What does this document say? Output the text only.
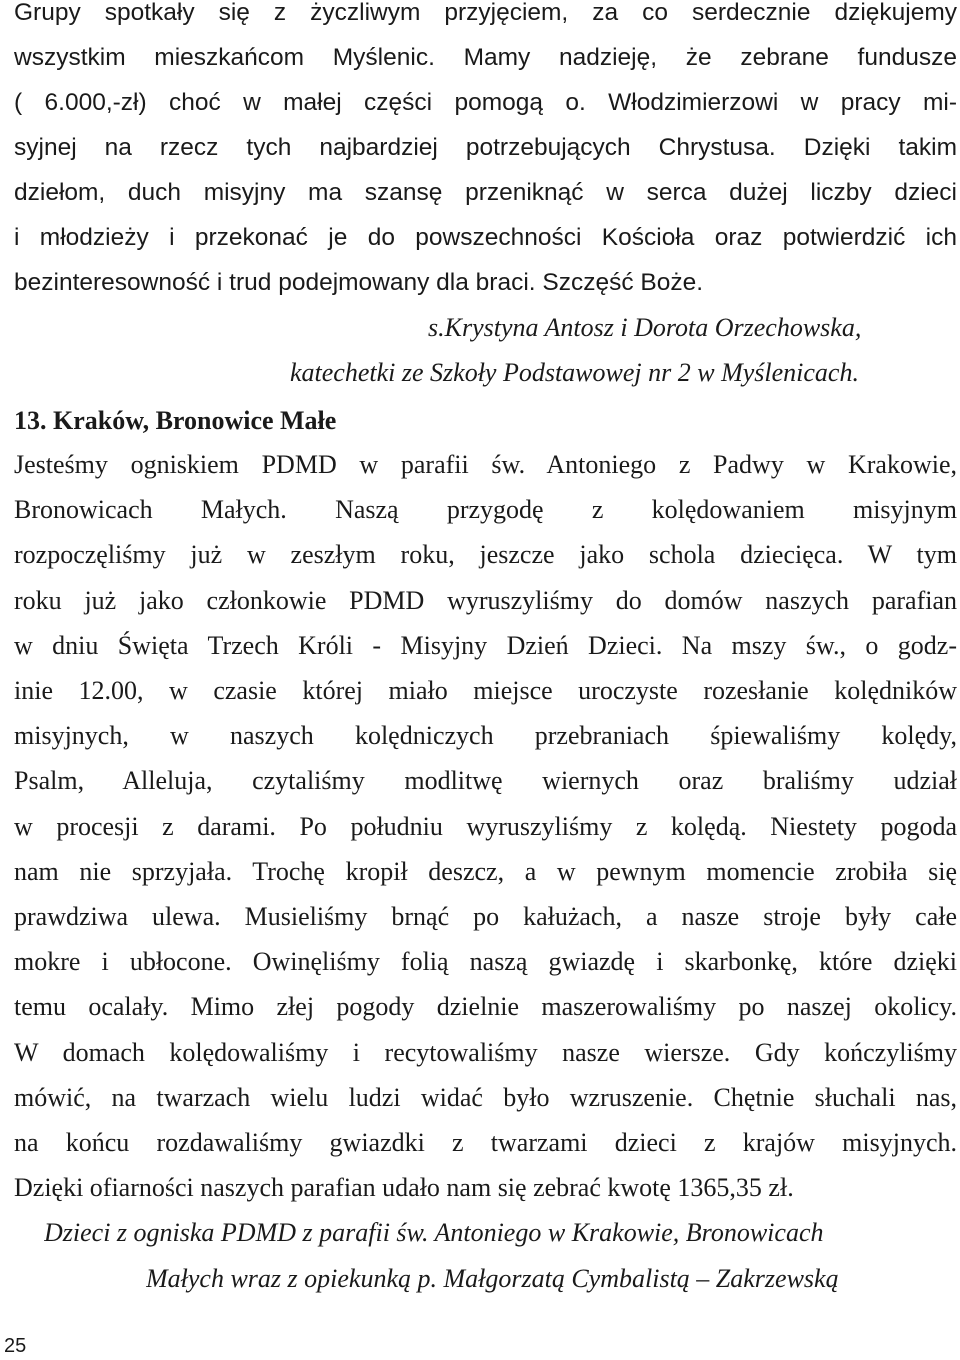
Grupy spotkały się z życzliwym przyjęciem, za co serdecznie dziękujemy
wszystkim mieszkańcom Myślenic. Mamy nadzieję, że zebrane fundusze
( 6.000,-zł) choć w małej części pomogą o. Włodzimierzowi w pracy mi-
syjnej na rzecz tych najbardziej potrzebujących Chrystusa. Dzięki takim
dziełom, duch misyjny ma szansę przeniknąć w serca dużej liczby dzieci
i młodzieży i przekonać je do powszechności Kościoła oraz potwierdzić ich
bezinteresowność i trud podejmowany dla braci. Szczęść Boże.
s.Krystyna Antosz i Dorota Orzechowska,
katechetki ze Szkoły Podstawowej nr 2 w Myślenicach.
13. Kraków, Bronowice Małe
Jesteśmy ogniskiem PDMD w parafii św. Antoniego z Padwy w Krakowie,
Bronowicach Małych. Naszą przygodę z kolędowaniem misyjnym
rozpoczęliśmy już w zeszłym roku, jeszcze jako schola dziecięca. W tym
roku już jako członkowie PDMD wyruszyliśmy do domów naszych parafian
w dniu Święta Trzech Króli - Misyjny Dzień Dzieci. Na mszy św., o godz-
inie 12.00, w czasie której miało miejsce uroczyste rozesłanie kolędników
misyjnych, w naszych kolędniczych przebraniach śpiewaliśmy kolędy,
Psalm, Alleluja, czytaliśmy modlitwę wiernych oraz braliśmy udział
w procesji z darami. Po południu wyruszyliśmy z kolędą. Niestety pogoda
nam nie sprzyjała. Trochę kropił deszcz, a w pewnym momencie zrobiła się
prawdziwa ulewa. Musieliśmy brnąć po kałużach, a nasze stroje były całe
mokre i ubłocone. Owinęliśmy folią naszą gwiazdę i skarbonkę, które dzięki
temu ocalały. Mimo złej pogody dzielnie maszerowaliśmy po naszej okolicy.
W domach kolędowaliśmy i recytowaliśmy nasze wiersze. Gdy kończyliśmy
mówić, na twarzach wielu ludzi widać było wzruszenie. Chętnie słuchali nas,
na końcu rozdawaliśmy gwiazdki z twarzami dzieci z krajów misyjnych.
Dzięki ofiarności naszych parafian udało nam się zebrać kwotę 1365,35 zł.
Dzieci z ogniska PDMD z parafii św. Antoniego w Krakowie, Bronowicach
Małych wraz z opiekunką p. Małgorzatą Cymbalistą – Zakrzewską
25
